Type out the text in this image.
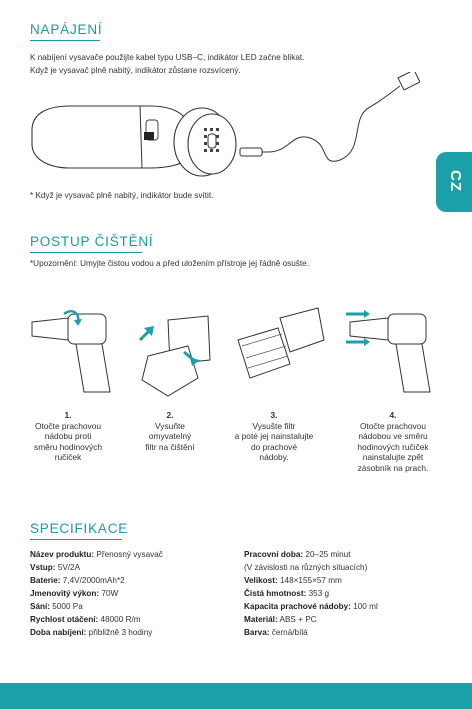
NAPÁJENÍ
K nabíjení vysavače použijte kabel typu USB–C, indikátor LED začne blikat.
Když je vysavač plně nabitý, indikátor zůstane rozsvícený.
* Když je vysavač plně nabitý, indikátor bude svítit.
CZ
POSTUP ČIŠTĚNÍ
*Upozornění: Umyjte čistou vodou a před uložením přístroje jej řádně osušte.
1.
Otočte prachovou
nádobu proti
směru hodinových
ručiček
2.
Vysuňte
omyvatelný
filtr na čištění
3.
Vysušte filtr
a poté jej nainstalujte
do prachové
nádoby.
4.
Otočte prachovou
nádobou ve směru
hodinových ručiček
nainstalujte zpět
zásobník na prach.
SPECIFIKACE
Název produktu: Přenosný vysavač
Vstup: 5V/2A
Baterie: 7,4V/2000mAh*2
Jmenovitý výkon: 70W
Sání: 5000 Pa
Rychlost otáčení: 48000 R/m
Doba nabíjení: přibližně 3 hodiny
Pracovní doba: 20–25 minut
(V závislosti na různých situacích)
Velikost: 148×155×57 mm
Čistá hmotnost: 353 g
Kapacita prachové nádoby: 100 ml
Materiál: ABS + PC
Barva: černá/bílá
